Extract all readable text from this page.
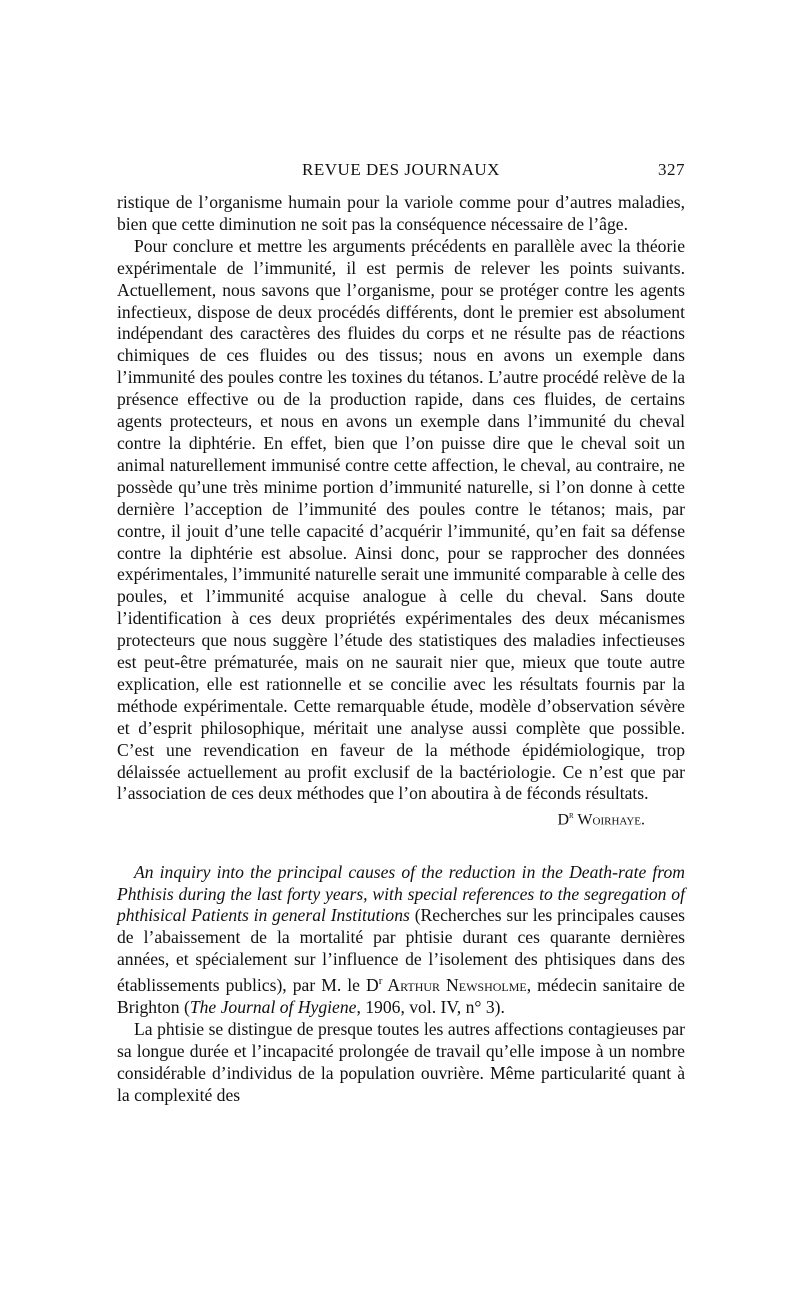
REVUE DES JOURNAUX	327

ristique de l’organisme humain pour la variole comme pour d’autres maladies, bien que cette diminution ne soit pas la conséquence nécessaire de l’âge.

Pour conclure et mettre les arguments précédents en parallèle avec la théorie expérimentale de l’immunité, il est permis de relever les points suivants. Actuellement, nous savons que l’organisme, pour se protéger contre les agents infectieux, dispose de deux procédés différents, dont le premier est absolument indépendant des caractères des fluides du corps et ne résulte pas de réactions chimiques de ces fluides ou des tissus; nous en avons un exemple dans l’immunité des poules contre les toxines du tétanos. L’autre procédé relève de la présence effective ou de la production rapide, dans ces fluides, de certains agents protecteurs, et nous en avons un exemple dans l’immunité du cheval contre la diphtérie. En effet, bien que l’on puisse dire que le cheval soit un animal naturellement immunisé contre cette affection, le cheval, au contraire, ne possède qu’une très minime portion d’immunité naturelle, si l’on donne à cette dernière l’acception de l’immunité des poules contre le tétanos; mais, par contre, il jouit d’une telle capacité d’acquérir l’immunité, qu’en fait sa défense contre la diphtérie est absolue. Ainsi donc, pour se rapprocher des données expérimentales, l’immunité naturelle serait une immunité comparable à celle des poules, et l’immunité acquise analogue à celle du cheval. Sans doute l’identification à ces deux propriétés expérimentales des deux mécanismes protecteurs que nous suggère l’étude des statistiques des maladies infectieuses est peut-être prématurée, mais on ne saurait nier que, mieux que toute autre explication, elle est rationnelle et se concilie avec les résultats fournis par la méthode expérimentale. Cette remarquable étude, modèle d’observation sévère et d’esprit philosophique, méritait une analyse aussi complète que possible. C’est une revendication en faveur de la méthode épidémiologique, trop délaissée actuellement au profit exclusif de la bactériologie. Ce n’est que par l’association de ces deux méthodes que l’on aboutira à de féconds résultats.

$D^r$ Woirhaye.

An inquiry into the principal causes of the reduction in the Death-rate from Phthisis during the last forty years, with special references to the segregation of phthisical Patients in general Institutions (Recherches sur les principales causes de l’abaissement de la mortalité par phtisie durant ces quarante dernières années, et spécialement sur l’influence de l’isolement des phtisiques dans des établissements publics), par M. le $D^r$ Arthur Newsholme, médecin sanitaire de Brighton (The Journal of Hygiene, 1906, vol. IV, n° 3).

La phtisie se distingue de presque toutes les autres affections contagieuses par sa longue durée et l’incapacité prolongée de travail qu’elle impose à un nombre considérable d’individus de la population ouvrière. Même particularité quant à la complexité des
